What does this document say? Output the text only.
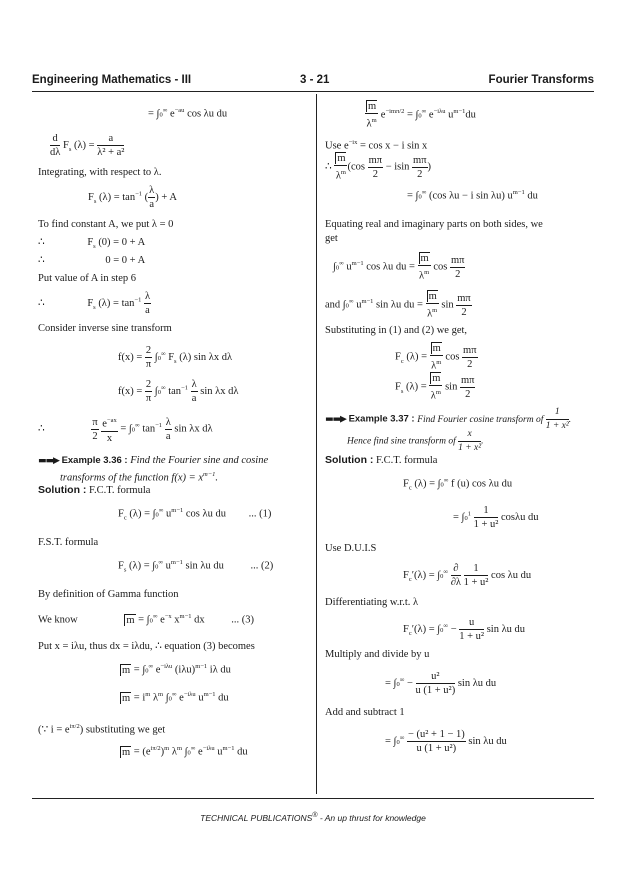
Engineering Mathematics - III	3 - 21	Fourier Transforms
= ∫0∞ $e^{-au}$ cos λu du
$\frac{d}{d\lambda} F_s$ $(\lambda) = \frac{a}{\text{λ² + a²}}$
Integrating, with respect to λ.
$F_s$ $(\lambda) = \tan^{-1}$ ( $\frac{\lambda}{a}$ ) + A
To find constant A, we put λ = 0
∴	$F_s$ (0) = 0 + A
∴	0 = 0 + A
Put value of A in step 6
∴	$F_s$ $(\lambda) = \tan^{-1} \frac{\lambda}{a}$
Consider inverse sine transform
$f(x) = \frac{2}{\pi} \int 0^\infty$ $F_s$ (λ) sin λx dλ
$f(x) = \frac{2}{\pi} \int 0^\infty$ $\tan^{-1} \frac{\lambda}{a}$ sin λx dλ
∴	$\frac{\pi}{2}$
$\frac{e^{-ax}}{x} = \int 0^\infty$ $\tan^{-1} \frac{\lambda}{a}$ sin λx dλ
▬▬▶ Example 3.36 : Find the Fourier sine and cosine
transforms of the function $f(x) = x^{m-1}$.
Solution : F.C.T. formula
$F_c$ (λ) = ∫0∞ $u^{m-1}$ cos λu du ... (1)
F.S.T. formula
$F_s$ (λ) = ∫0∞ $u^{m-1}$ sin λu du ... (2)
By definition of Gamma function
We know	m = ∫0∞ $e^{-x}$ $x^{m-1}$ dx ... (3)
Put x = iλu, thus dx = iλdu, ∴ equation (3) becomes
m = ∫0∞ $e^{-i\lambda u}$ $(i\lambda u)^{m-1}$ iλ du
$m = i^m$ $\lambda^m$ ∫0∞ $e^{-i\lambda u}$ $u^{m-1}$ du
(∵ $i = e^{i\pi/2}$) substituting we get
$m = (e^{i\pi/2})^m$ $\lambda^m$ ∫0∞ $e^{-i\lambda u}$ $u^{m-1}$ du
$\frac{m}{\lambda^m} e^{-im\pi/2} = \int 0^\infty$ $e^{-i\lambda u}$ $u^{m-1}du$
Use $e^{-ix} = \cos x - i$ sin x
∴ $\frac{m}{\lambda^m} (\cos \frac{m\pi}{2} - isin \frac{m\pi}{2}$ )
= ∫0∞ (cos λu − i sin λu) $u^{m-1}$ du
Equating real and imaginary parts on both sides, we
get
∫0∞ $u^{m-1}$ cos λu du = $\frac{m}{\lambda^m}$ $\cos \frac{m\pi}{2}$
and ∫0∞ $u^{m-1}$ sin λu du = $\frac{m}{\lambda^m}$ $\sin \frac{m\pi}{2}$
Substituting in (1) and (2) we get,
$F_c$ $(\lambda) = \frac{m}{\lambda^m}$ $\cos \frac{m\pi}{2}$
$F_s$ $(\lambda) = \frac{m}{\lambda^m}$ $\sin \frac{m\pi}{2}$
▬▬▶ Example 3.37 : Find Fourier cosine transform of $\frac{1}{\text{1 + x²}}$ .
Hence find sine transform of $\frac{x}{\text{1 + x²}}$ .
Solution : F.C.T. formula
$F_c$ (λ) = ∫0∞ f (u) cos λu du
= $\int 0^1 \frac{1}{\text{1 + u²}}$ cosλu du
Use D.U.I.S
$F_c'(\lambda) = \int 0^\infty$ ∂
∂λ
$\frac{1}{\text{1 + u²}}$ cos λu du
Differentiating w.r.t. λ
$F_c'(\lambda) = \int 0^\infty - \frac{u}{\text{1 + u²}}$ sin λu du
Multiply and divide by u
= $\int 0^\infty - \frac{\text{u²}}{\text{u (1 + u²)}}$ sin λu du
Add and subtract 1
= $\int 0^\infty \frac{\text{− (u² + 1 − 1)}}{\text{u (1 + u²)}}$ sin λu du
TECHNICAL PUBLICATIONS® - An up thrust for knowledge
